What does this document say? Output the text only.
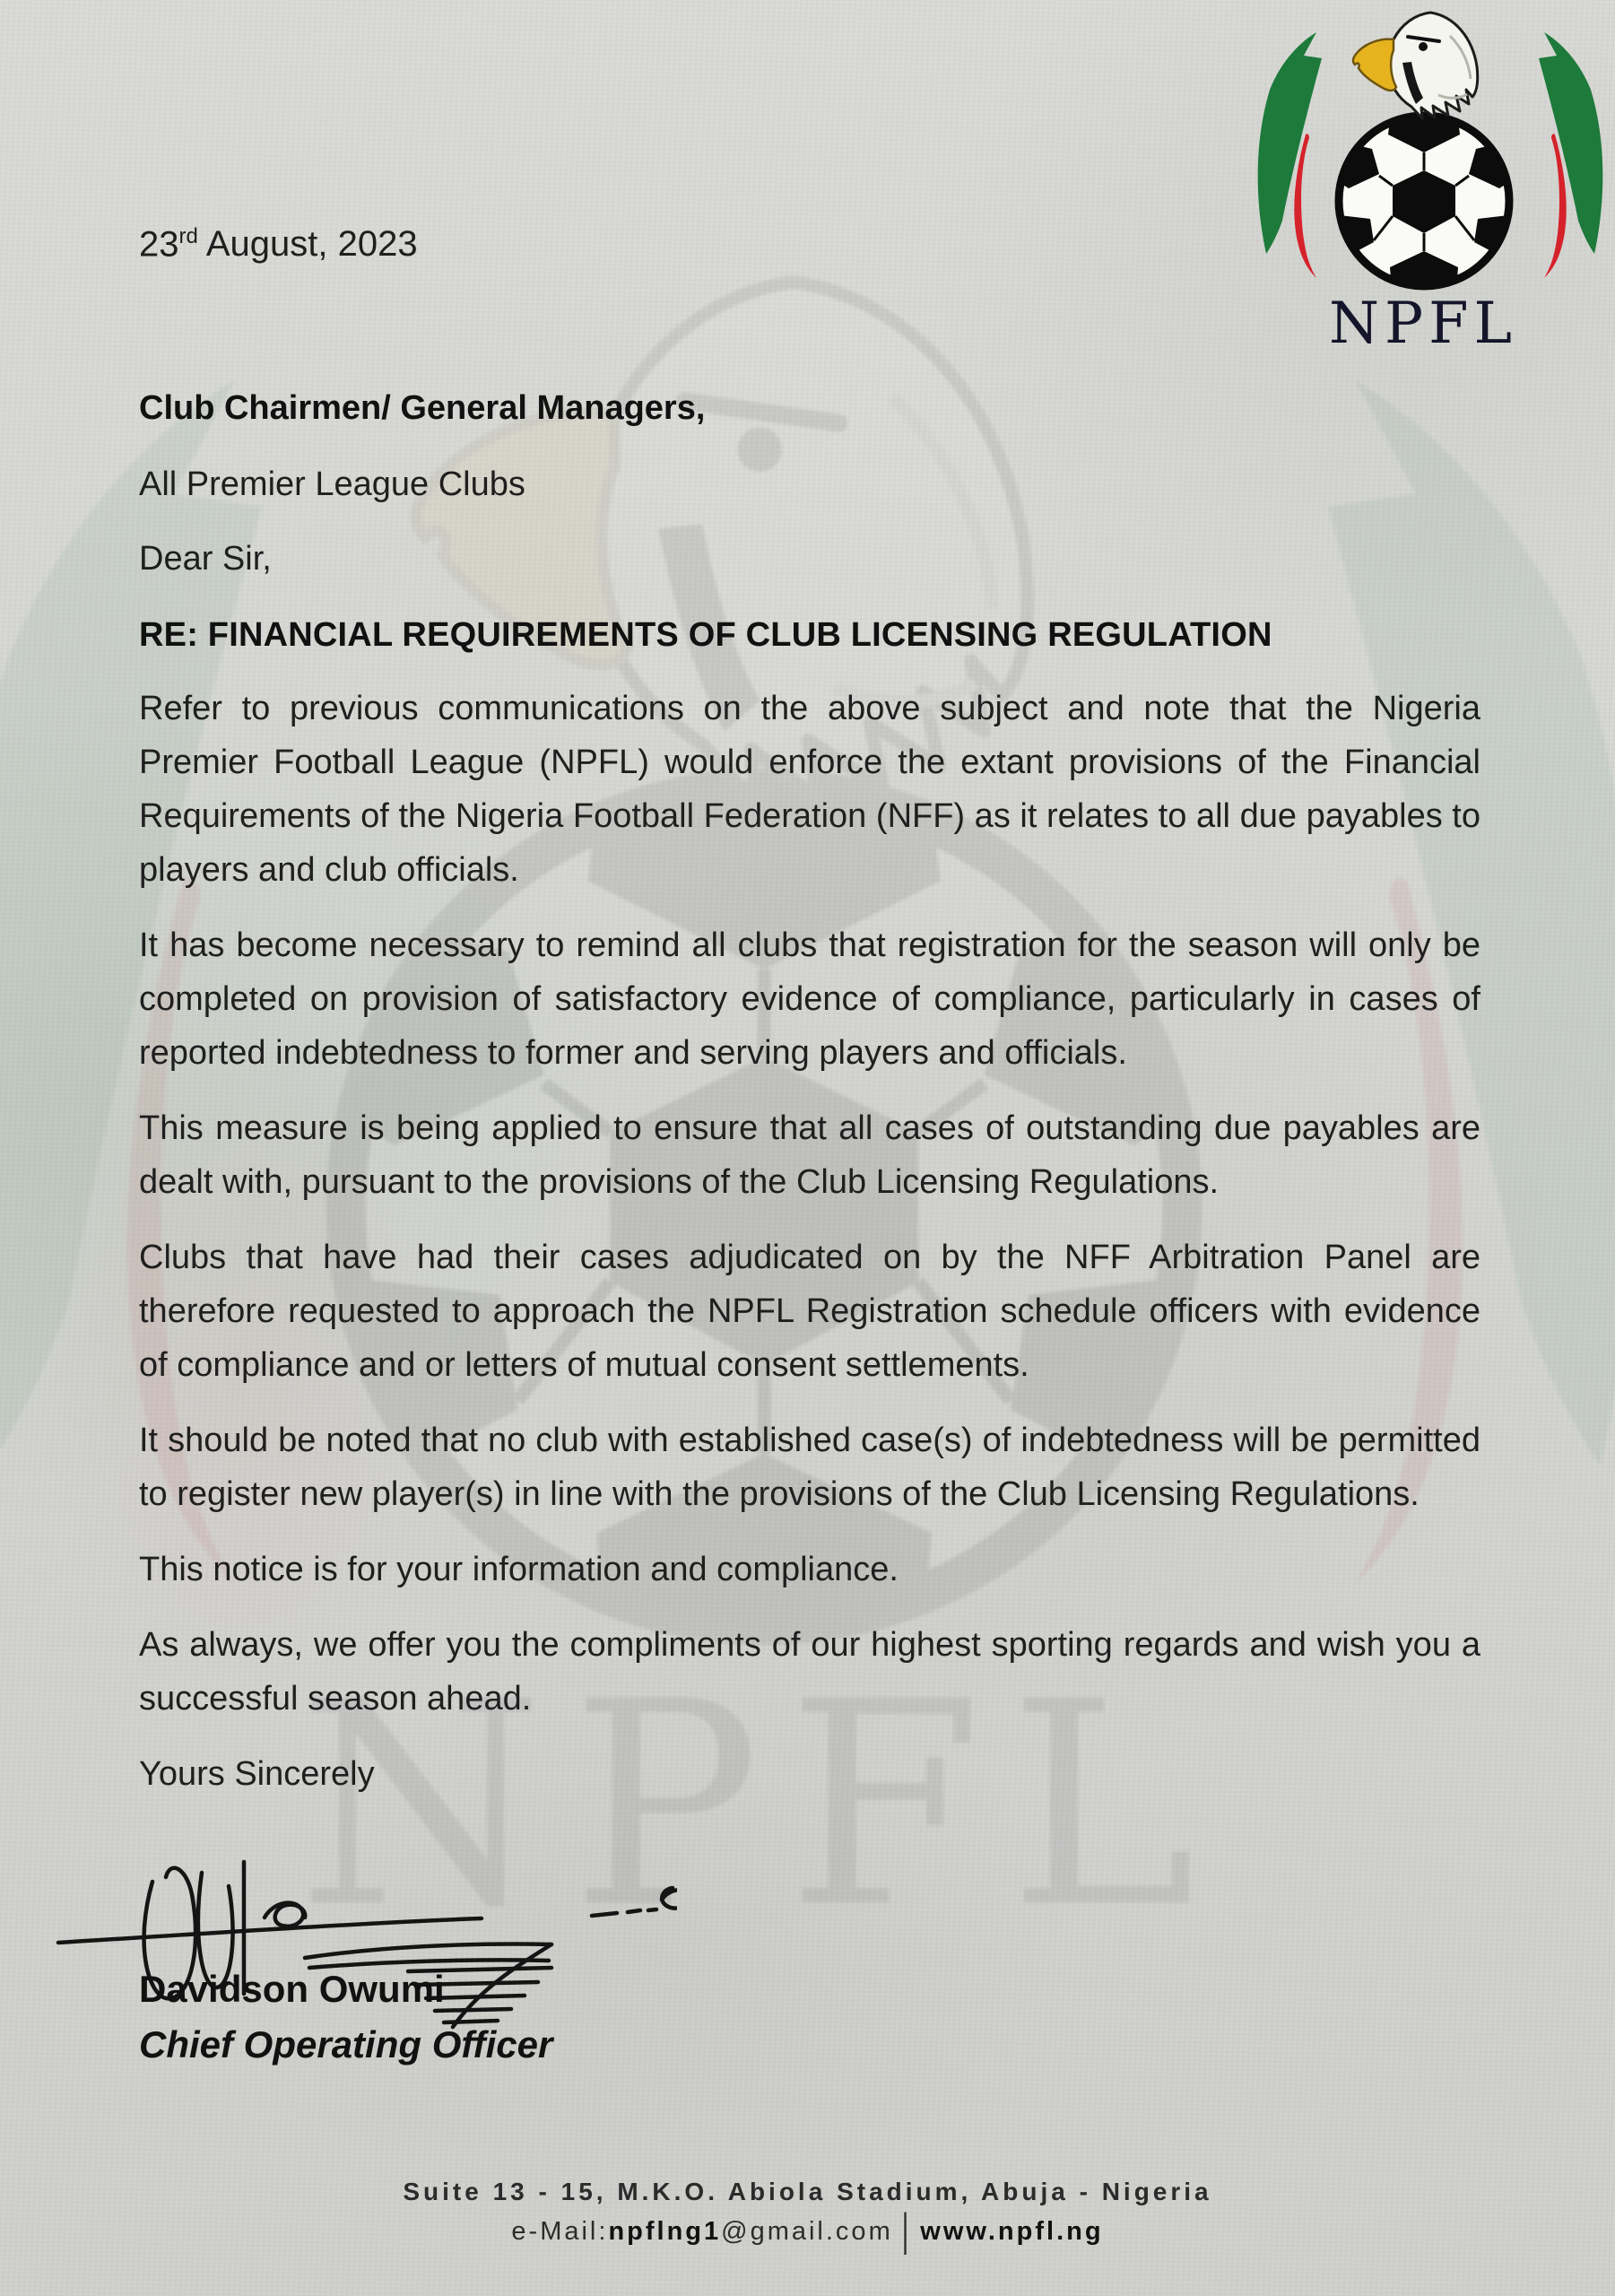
23rd August, 2023

Club Chairmen/ General Managers,

All Premier League Clubs

Dear Sir,

RE: FINANCIAL REQUIREMENTS OF CLUB LICENSING REGULATION

Refer to previous communications on the above subject and note that the Nigeria Premier Football League (NPFL) would enforce the extant provisions of the Financial Requirements of the Nigeria Football Federation (NFF) as it relates to all due payables to players and club officials.

It has become necessary to remind all clubs that registration for the season will only be completed on provision of satisfactory evidence of compliance, particularly in cases of reported indebtedness to former and serving players and officials.

This measure is being applied to ensure that all cases of outstanding due payables are dealt with, pursuant to the provisions of the Club Licensing Regulations.

Clubs that have had their cases adjudicated on by the NFF Arbitration Panel are therefore requested to approach the NPFL Registration schedule officers with evidence of compliance and or letters of mutual consent settlements.

It should be noted that no club with established case(s) of indebtedness will be permitted to register new player(s) in line with the provisions of the Club Licensing Regulations.

This notice is for your information and compliance.

As always, we offer you the compliments of our highest sporting regards and wish you a successful season ahead.

Yours Sincerely

Davidson Owumi
Chief Operating Officer
Suite 13 - 15, M.K.O. Abiola Stadium, Abuja - Nigeria
e-Mail:npflng1@gmail.com | www.npfl.ng
